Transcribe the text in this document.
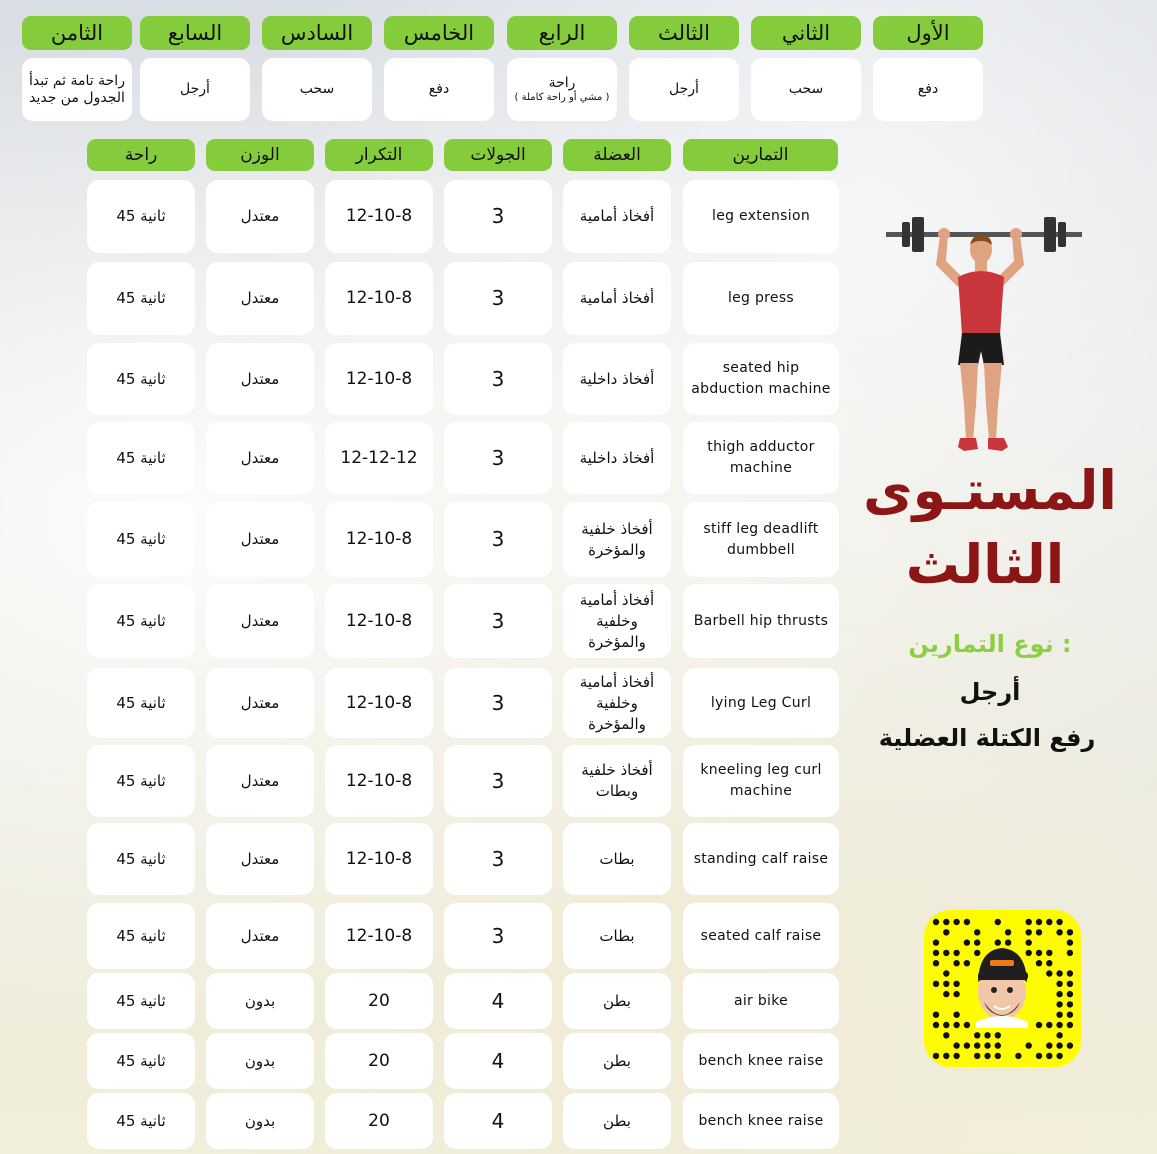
الأول
دفع
الثاني
سحب
الثالث
أرجل
الرابع
راحة
( مشي أو راحة كاملة )
الخامس
دفع
السادس
سحب
السابع
أرجل
الثامن
راحة تامة ثم تبدأ الجدول من جديد
التمارين
العضلة
الجولات
التكرار
الوزن
راحة
leg extension
أفخاذ أمامية
3
12-10-8
معتدل
45 ثانية
leg press
أفخاذ أمامية
3
12-10-8
معتدل
45 ثانية
seated hip abduction machine
أفخاذ داخلية
3
12-10-8
معتدل
45 ثانية
thigh adductor machine
أفخاذ داخلية
3
12-12-12
معتدل
45 ثانية
stiff leg deadlift dumbbell
أفخاذ خلفية والمؤخرة
3
12-10-8
معتدل
45 ثانية
Barbell hip thrusts
أفخاذ أمامية وخلفية والمؤخرة
3
12-10-8
معتدل
45 ثانية
lying Leg Curl
أفخاذ أمامية وخلفية والمؤخرة
3
12-10-8
معتدل
45 ثانية
kneeling leg curl machine
أفخاذ خلفية وبطات
3
12-10-8
معتدل
45 ثانية
standing calf raise
بطات
3
12-10-8
معتدل
45 ثانية
seated calf raise
بطات
3
12-10-8
معتدل
45 ثانية
air bike
بطن
4
20
بدون
45 ثانية
bench knee raise
بطن
4
20
بدون
45 ثانية
bench knee raise
بطن
4
20
بدون
45 ثانية
المستـوى
الثالث
نوع التمارين :
أرجل
رفع الكتلة العضلية
